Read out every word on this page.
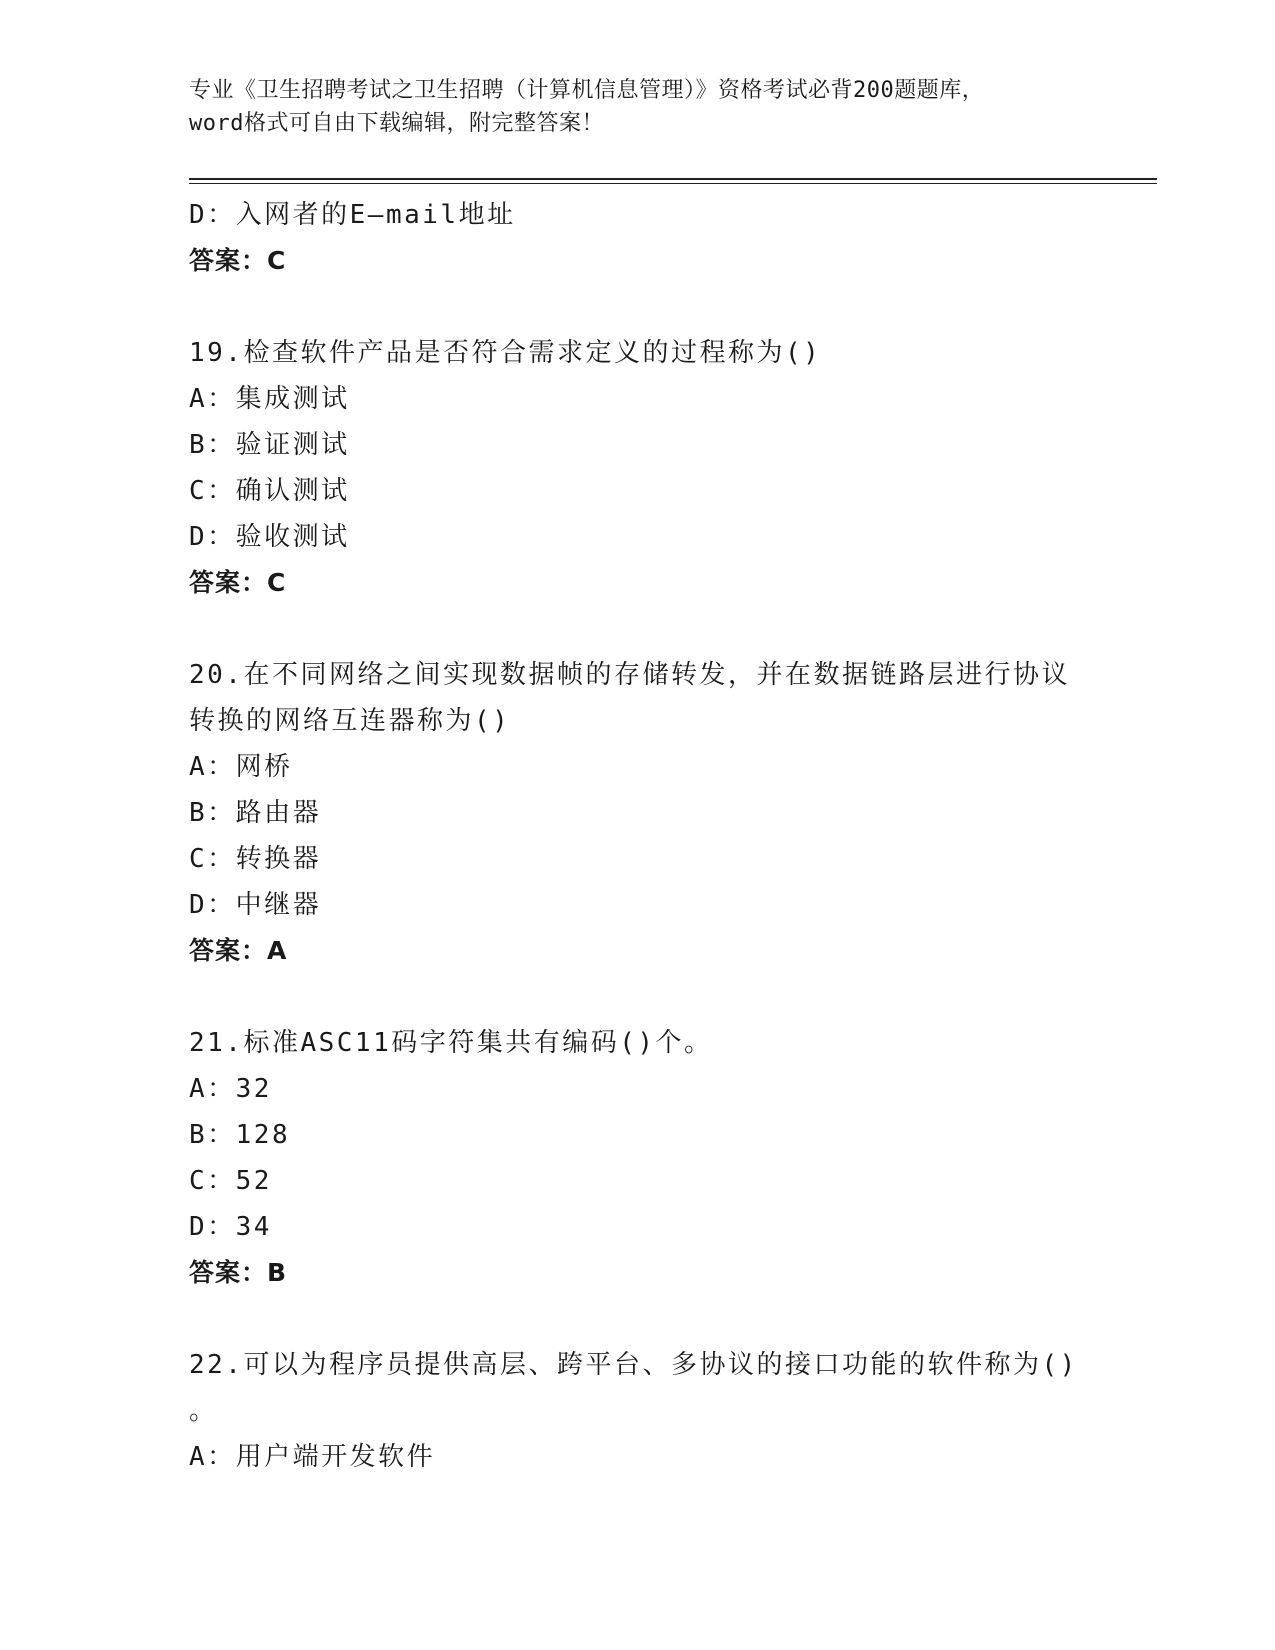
专业《卫生招聘考试之卫生招聘（计算机信息管理）》资格考试必背200题题库，
word格式可自由下载编辑，附完整答案！
D：入网者的E—mail地址
答案：C
19.检查软件产品是否符合需求定义的过程称为()
A：集成测试
B：验证测试
C：确认测试
D：验收测试
答案：C
20.在不同网络之间实现数据帧的存储转发，并在数据链路层进行协议
转换的网络互连器称为()
A：网桥
B：路由器
C：转换器
D：中继器
答案：A
21.标准ASC11码字符集共有编码()个。
A：32
B：128
C：52
D：34
答案：B
22.可以为程序员提供高层、跨平台、多协议的接口功能的软件称为()
。
A：用户端开发软件
